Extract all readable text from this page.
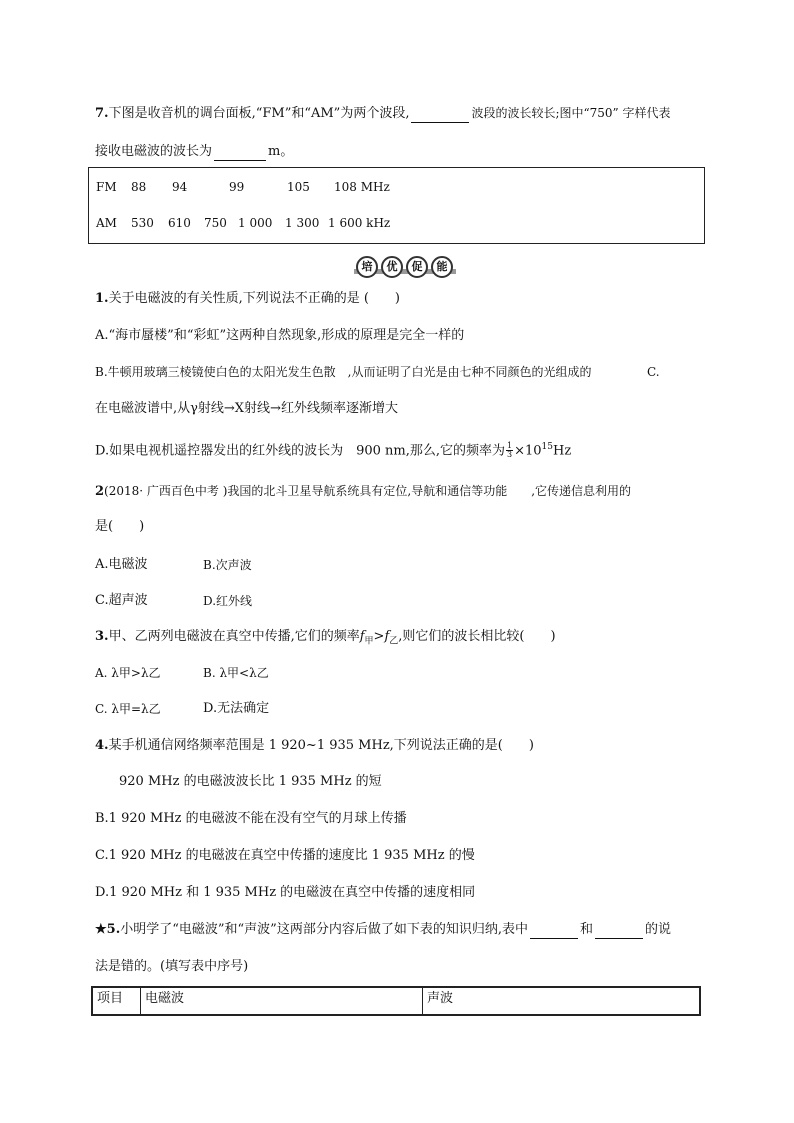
7.下图是收音机的调台面板,“FM”和“AM”为两个波段,	波段的波长较长;图中“750” 字样代表
接收电磁波的波长为	m。
FM 88 94	99	105 108 MHz
AM 530 610 750 1 000 1 300 1 600 kHz
培	优	促	能
1.关于电磁波的有关性质,下列说法不正确的是 (　　)
A.“海市蜃楼”和“彩虹”这两种自然现象,形成的原理是完全一样的
B.牛顿用玻璃三棱镜使白色的太阳光发生色散　,从而证明了白光是由七种不同颜色的光组成的	C.
在电磁波谱中,从γ射线→X射线→红外线频率逐渐增大
D.如果电视机遥控器发出的红外线的波长为　900 nm,那么,它的频率为 $\frac{1}{3} \times 10^{15}Hz$
2(2018· 广西百色中考 )我国的北斗卫星导航系统具有定位,导航和通信等功能　　,它传递信息利用的
是(　　)
A.电磁波	B.次声波
C.超声波	D.红外线
3.甲、乙两列电磁波在真空中传播,它们的频率$f_甲>f_乙$,则它们的波长相比较(　　)
A. λ甲>λ乙	B. λ甲<λ乙
C. λ甲=λ乙	D.无法确定
4.某手机通信网络频率范围是 1 920~1 935 MHz,下列说法正确的是(　　)
920 MHz 的电磁波波长比 1 935 MHz 的短
B.1 920 MHz 的电磁波不能在没有空气的月球上传播
C.1 920 MHz 的电磁波在真空中传播的速度比 1 935 MHz 的慢
D.1 920 MHz 和 1 935 MHz 的电磁波在真空中传播的速度相同
★5.小明学了“电磁波”和“声波”这两部分内容后做了如下表的知识归纳,表中	和	的说
法是错的。(填写表中序号)
项目	电磁波	声波
